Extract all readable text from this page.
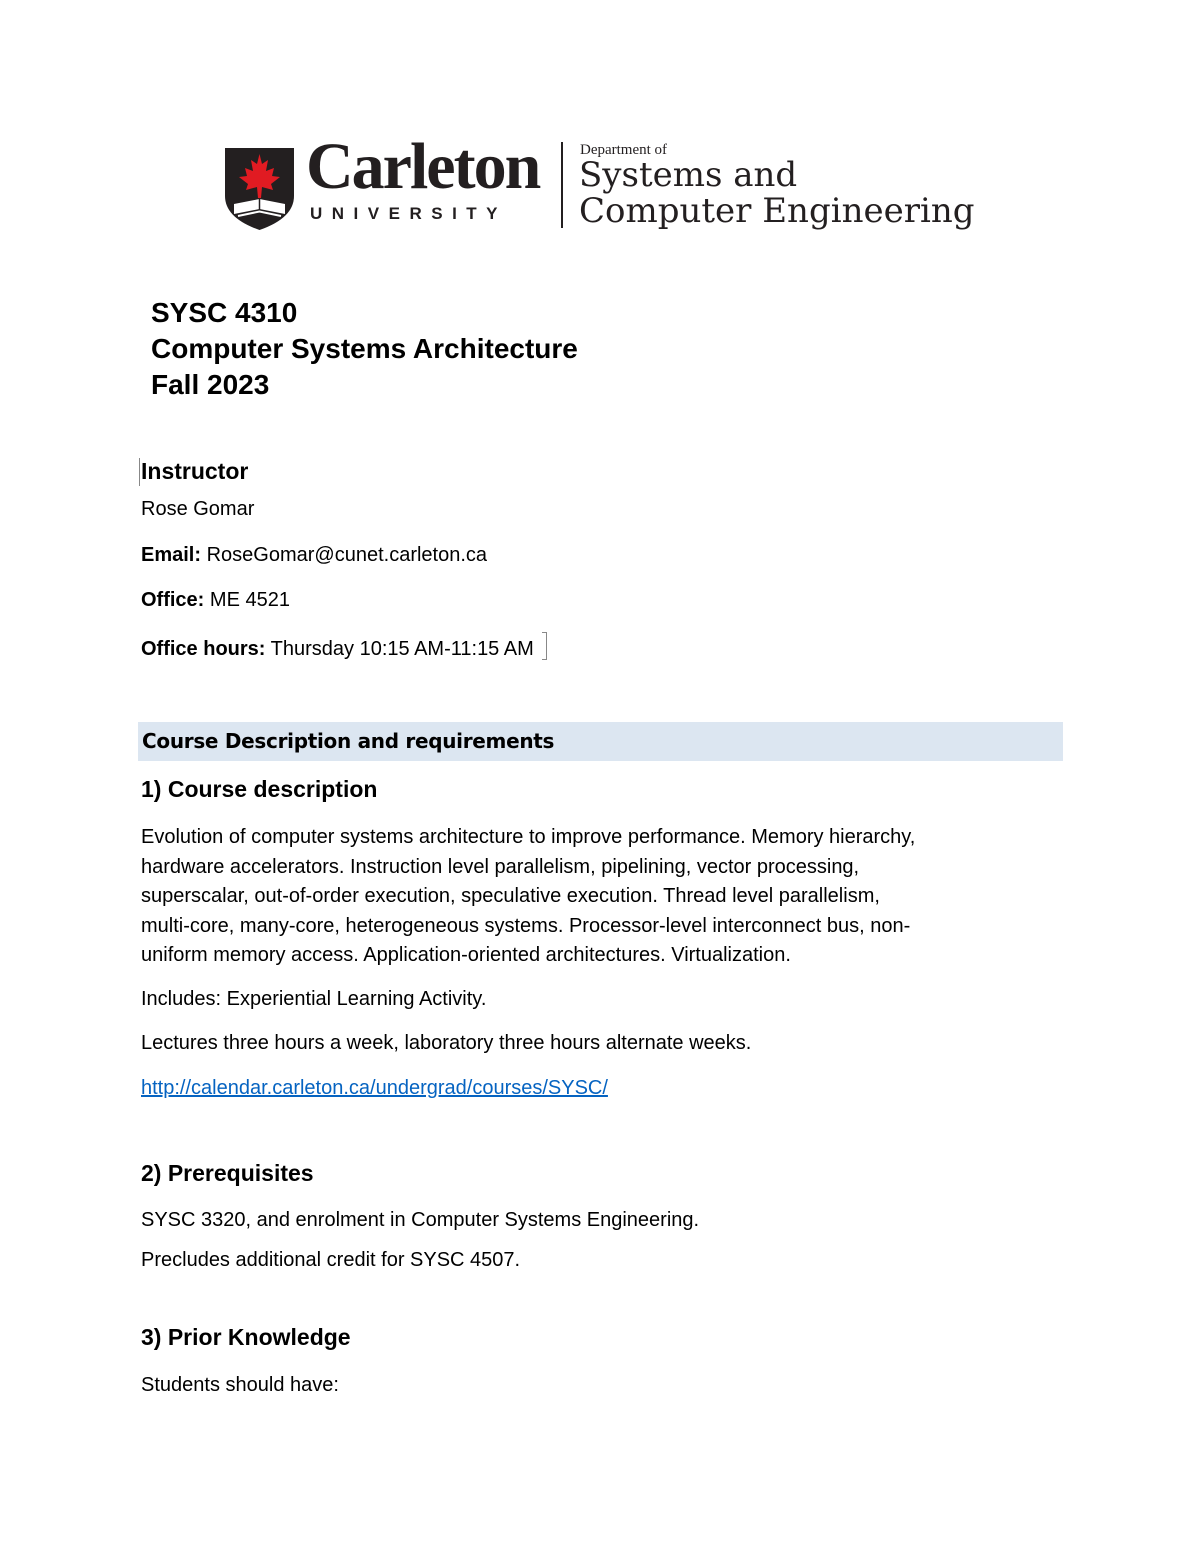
Carleton
UNIVERSITY
Department of
Systems and
Computer Engineering
SYSC 4310
Computer Systems Architecture
Fall 2023
Instructor

Rose Gomar

Email: RoseGomar@cunet.carleton.ca

Office: ME 4521

Office hours: Thursday 10:15 AM-11:15 AM

Course Description and requirements
1) Course description
Evolution of computer systems architecture to improve performance. Memory hierarchy,
hardware accelerators. Instruction level parallelism, pipelining, vector processing,
superscalar, out-of-order execution, speculative execution. Thread level parallelism,
multi-core, many-core, heterogeneous systems. Processor-level interconnect bus, non-
uniform memory access. Application-oriented architectures. Virtualization.
Includes: Experiential Learning Activity.
Lectures three hours a week, laboratory three hours alternate weeks.
http://calendar.carleton.ca/undergrad/courses/SYSC/
2) Prerequisites
SYSC 3320, and enrolment in Computer Systems Engineering.
Precludes additional credit for SYSC 4507.
3) Prior Knowledge
Students should have:
